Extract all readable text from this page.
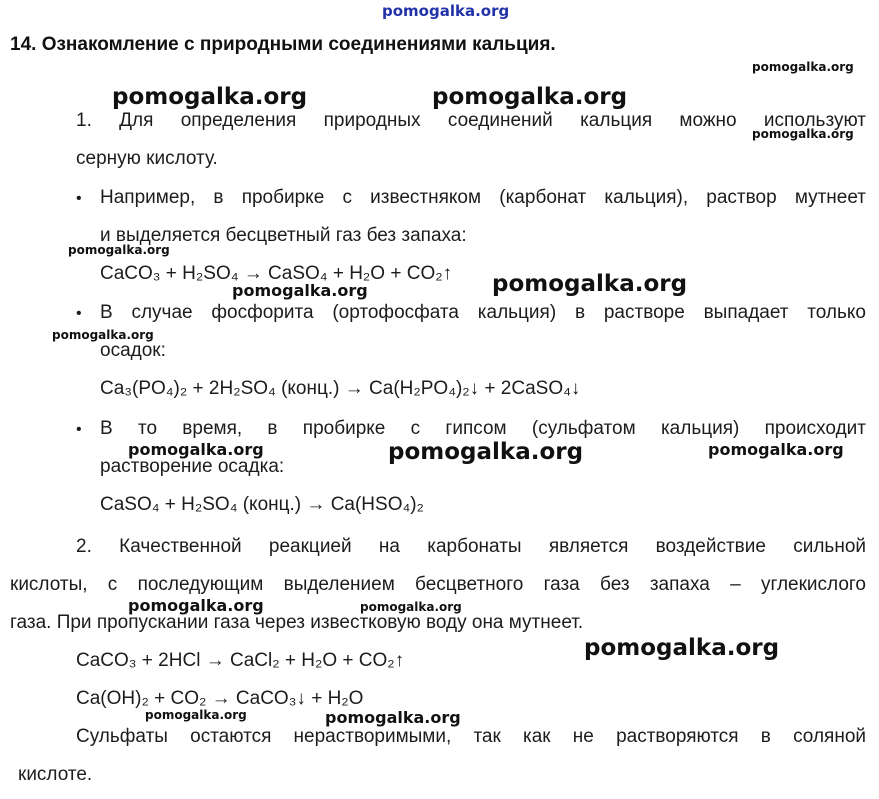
pomogalka.org
14. Ознакомление с природными соединениями кальция.
1. Для определения природных соединений кальция можно используют
серную кислоту.
• Например, в пробирке с известняком (карбонат кальция), раствор мутнеет
и выделяется бесцветный газ без запаха:
CaCO₃ + H₂SO₄ → CaSO₄ + H₂O + CO₂↑
• В случае фосфорита (ортофосфата кальция) в растворе выпадает только
осадок:
Ca₃(PO₄)₂ + 2H₂SO₄ (конц.) → Ca(H₂PO₄)₂↓ + 2CaSO₄↓
• В то время, в пробирке с гипсом (сульфатом кальция) происходит
растворение осадка:
CaSO₄ + H₂SO₄ (конц.) → Ca(HSO₄)₂
2. Качественной реакцией на карбонаты является воздействие сильной
кислоты, с последующим выделением бесцветного газа без запаха – углекислого
газа. При пропускании газа через известковую воду она мутнеет.
CaCO₃ + 2HCl → CaCl₂ + H₂O + CO₂↑
Ca(OH)₂ + CO₂ → CaCO₃↓ + H₂O
Сульфаты остаются нерастворимыми, так как не растворяются в соляной
кислоте.
pomogalka.org	pomogalka.org
pomogalka.org
pomogalka.org
pomogalka.org
pomogalka.org
pomogalka.org	pomogalka.org
pomogalka.org
pomogalka.org
pomogalka.org
pomogalka.org
pomogalka.org
pomogalka.org
pomogalka.org
pomogalka.org
